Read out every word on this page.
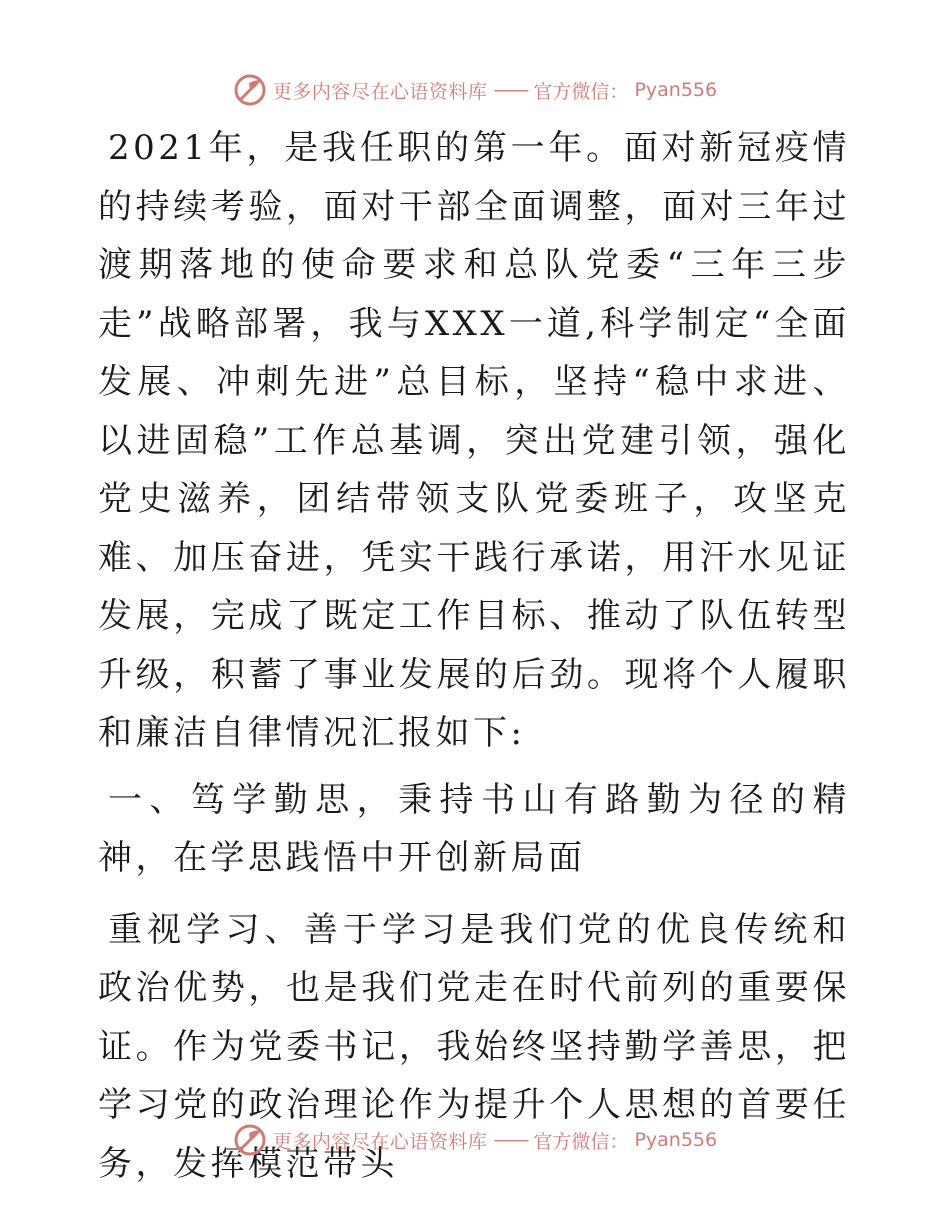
更多内容尽在心语资料库 —— 官方微信： Pyan556

2021年，是我任职的第一年。面对新冠疫情的持续考验，面对干部全面调整，面对三年过渡期落地的使命要求和总队党委“三年三步走”战略部署，我与XXX一道,科学制定“全面发展、冲刺先进”总目标，坚持“稳中求进、以进固稳”工作总基调，突出党建引领，强化党史滋养，团结带领支队党委班子，攻坚克难、加压奋进，凭实干践行承诺，用汗水见证发展，完成了既定工作目标、推动了队伍转型升级，积蓄了事业发展的后劲。现将个人履职和廉洁自律情况汇报如下:

一、笃学勤思，秉持书山有路勤为径的精神，在学思践悟中开创新局面

重视学习、善于学习是我们党的优良传统和政治优势，也是我们党走在时代前列的重要保证。作为党委书记，我始终坚持勤学善思，把学习党的政治理论作为提升个人思想的首要任务，发挥模范带头

更多内容尽在心语资料库 —— 官方微信： Pyan556
